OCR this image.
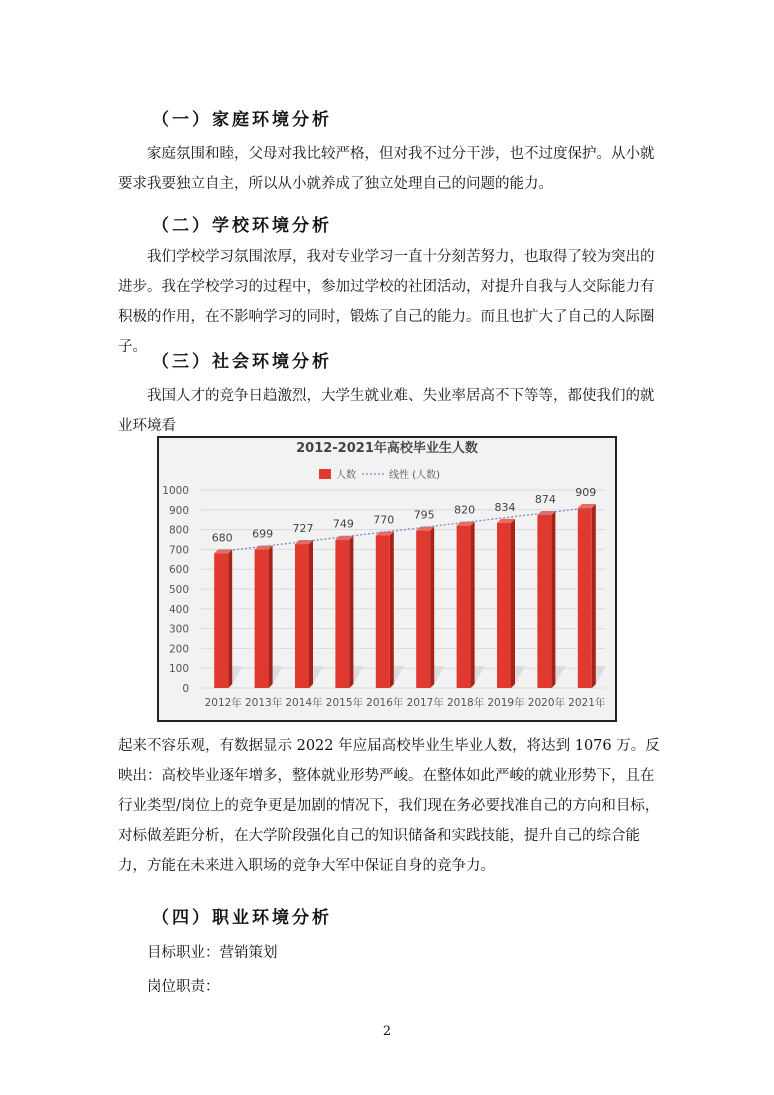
（一）家庭环境分析
家庭氛围和睦，父母对我比较严格，但对我不过分干涉，也不过度保护。从小就要求我要独立自主，所以从小就养成了独立处理自己的问题的能力。
（二）学校环境分析
我们学校学习氛围浓厚，我对专业学习一直十分刻苦努力，也取得了较为突出的进步。我在学校学习的过程中，参加过学校的社团活动，对提升自我与人交际能力有积极的作用，在不影响学习的同时，锻炼了自己的能力。而且也扩大了自己的人际圈子。
（三）社会环境分析
我国人才的竞争日趋激烈，大学生就业难、失业率居高不下等等，都使我们的就业环境看
2012-2021年高校毕业生人数
人数	线性 (人数)
0
100
200
300
400
500
600
700
800
900
1000
680
2012年
699
2013年
727
2014年
749
2015年
770
2016年
795
2017年
820
2018年
834
2019年
874
2020年
909
2021年
起来不容乐观，有数据显示 2022 年应届高校毕业生毕业人数，将达到 1076 万。反映出：高校毕业逐年增多，整体就业形势严峻。在整体如此严峻的就业形势下，且在行业类型/岗位上的竞争更是加剧的情况下，我们现在务必要找准自己的方向和目标，对标做差距分析，在大学阶段强化自己的知识储备和实践技能，提升自己的综合能力，方能在未来进入职场的竞争大军中保证自身的竞争力。
（四）职业环境分析
目标职业：营销策划
岗位职责：
2
